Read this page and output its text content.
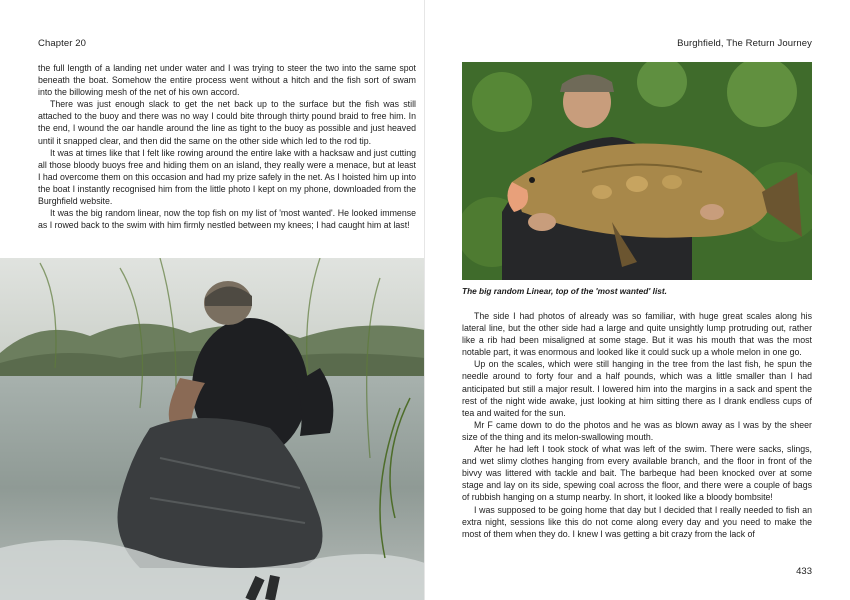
Chapter 20

the full length of a landing net under water and I was trying to steer the two into the same spot beneath the boat. Somehow the entire process went without a hitch and the fish sort of swam into the billowing mesh of the net of his own accord.

There was just enough slack to get the net back up to the surface but the fish was still attached to the buoy and there was no way I could bite through thirty pound braid to free him. In the end, I wound the oar handle around the line as tight to the buoy as possible and just heaved until it snapped clear, and then did the same on the other side which led to the rod tip.

It was at times like that I felt like rowing around the entire lake with a hacksaw and just cutting all those bloody buoys free and hiding them on an island, they really were a menace, but at least I had overcome them on this occasion and had my prize safely in the net. As I hoisted him up into the boat I instantly recognised him from the little photo I kept on my phone, downloaded from the Burghfield website.

It was the big random linear, now the top fish on my list of 'most wanted'. He looked immense as I rowed back to the swim with him firmly nestled between my knees; I had caught him at last!

Burghfield, The Return Journey
The big random Linear, top of the 'most wanted' list.

The side I had photos of already was so familiar, with huge great scales along his lateral line, but the other side had a large and quite unsightly lump protruding out, rather like a rib had been misaligned at some stage. But it was his mouth that was the most notable part, it was enormous and looked like it could suck up a whole melon in one go.

Up on the scales, which were still hanging in the tree from the last fish, he spun the needle around to forty four and a half pounds, which was a little smaller than I had anticipated but still a major result. I lowered him into the margins in a sack and spent the rest of the night wide awake, just looking at him sitting there as I drank endless cups of tea and waited for the sun.

Mr F came down to do the photos and he was as blown away as I was by the sheer size of the thing and its melon-swallowing mouth.

After he had left I took stock of what was left of the swim. There were sacks, slings, and wet slimy clothes hanging from every available branch, and the floor in front of the bivvy was littered with tackle and bait. The barbeque had been knocked over at some stage and lay on its side, spewing coal across the floor, and there were a couple of bags of rubbish hanging on a stump nearby. In short, it looked like a bloody bombsite!

I was supposed to be going home that day but I decided that I really needed to fish an extra night, sessions like this do not come along every day and you need to make the most of them when they do. I knew I was getting a bit crazy from the lack of

433
